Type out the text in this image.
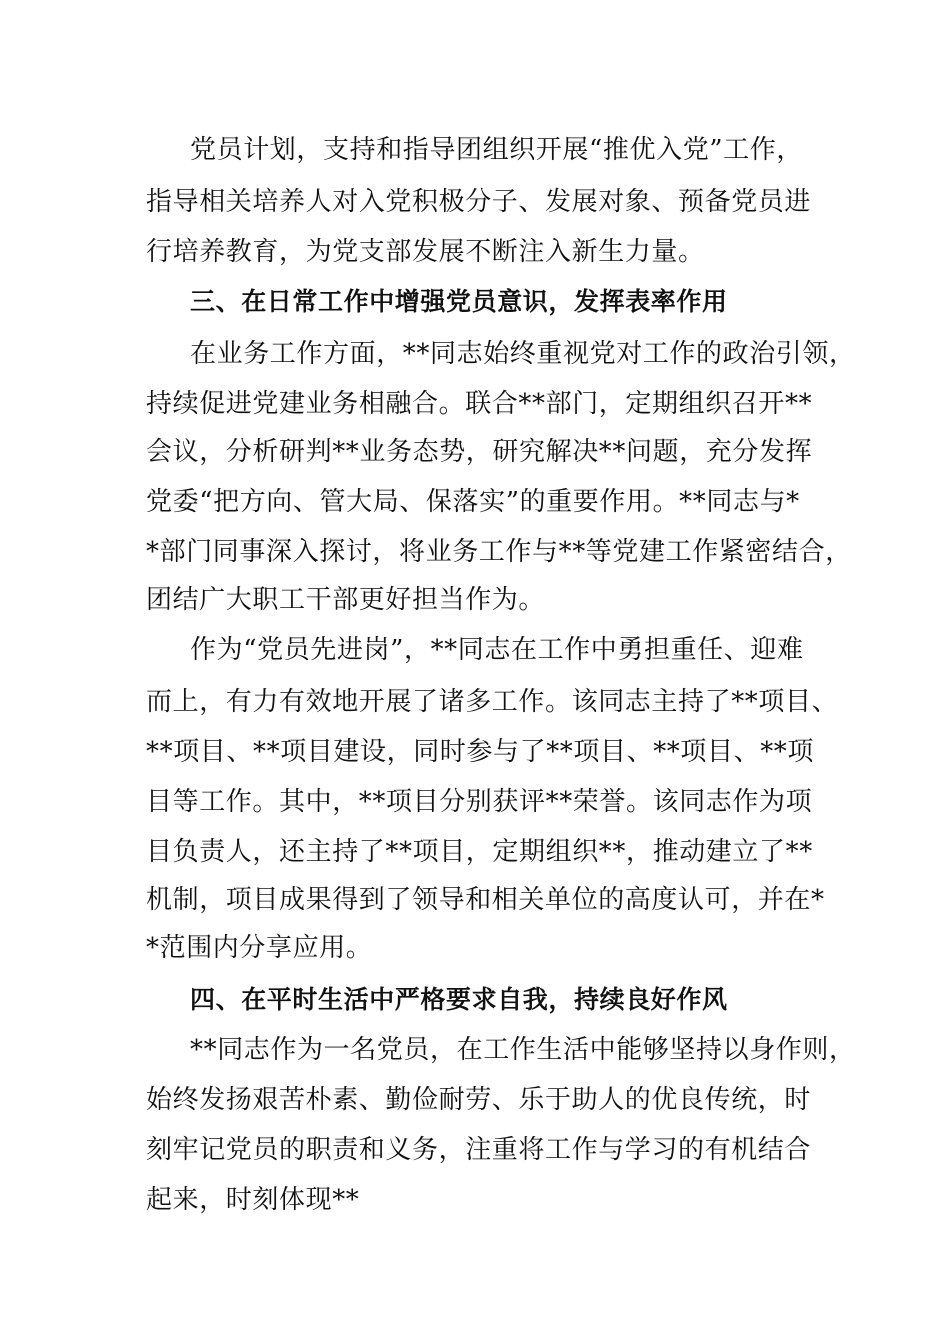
党员计划，支持和指导团组织开展“推优入党”工作，
指导相关培养人对入党积极分子、发展对象、预备党员进
行培养教育，为党支部发展不断注入新生力量。
三、在日常工作中增强党员意识，发挥表率作用
在业务工作方面，**同志始终重视党对工作的政治引领，
持续促进党建业务相融合。联合**部门，定期组织召开**
会议，分析研判**业务态势，研究解决**问题，充分发挥
党委“把方向、管大局、保落实”的重要作用。**同志与*
*部门同事深入探讨，将业务工作与**等党建工作紧密结合，
团结广大职工干部更好担当作为。
作为“党员先进岗”，**同志在工作中勇担重任、迎难
而上，有力有效地开展了诸多工作。该同志主持了**项目、
**项目、**项目建设，同时参与了**项目、**项目、**项
目等工作。其中，**项目分别获评**荣誉。该同志作为项
目负责人，还主持了**项目，定期组织**，推动建立了**
机制，项目成果得到了领导和相关单位的高度认可，并在*
*范围内分享应用。
四、在平时生活中严格要求自我，持续良好作风
**同志作为一名党员，在工作生活中能够坚持以身作则，
始终发扬艰苦朴素、勤俭耐劳、乐于助人的优良传统，时
刻牢记党员的职责和义务，注重将工作与学习的有机结合
起来，时刻体现**
